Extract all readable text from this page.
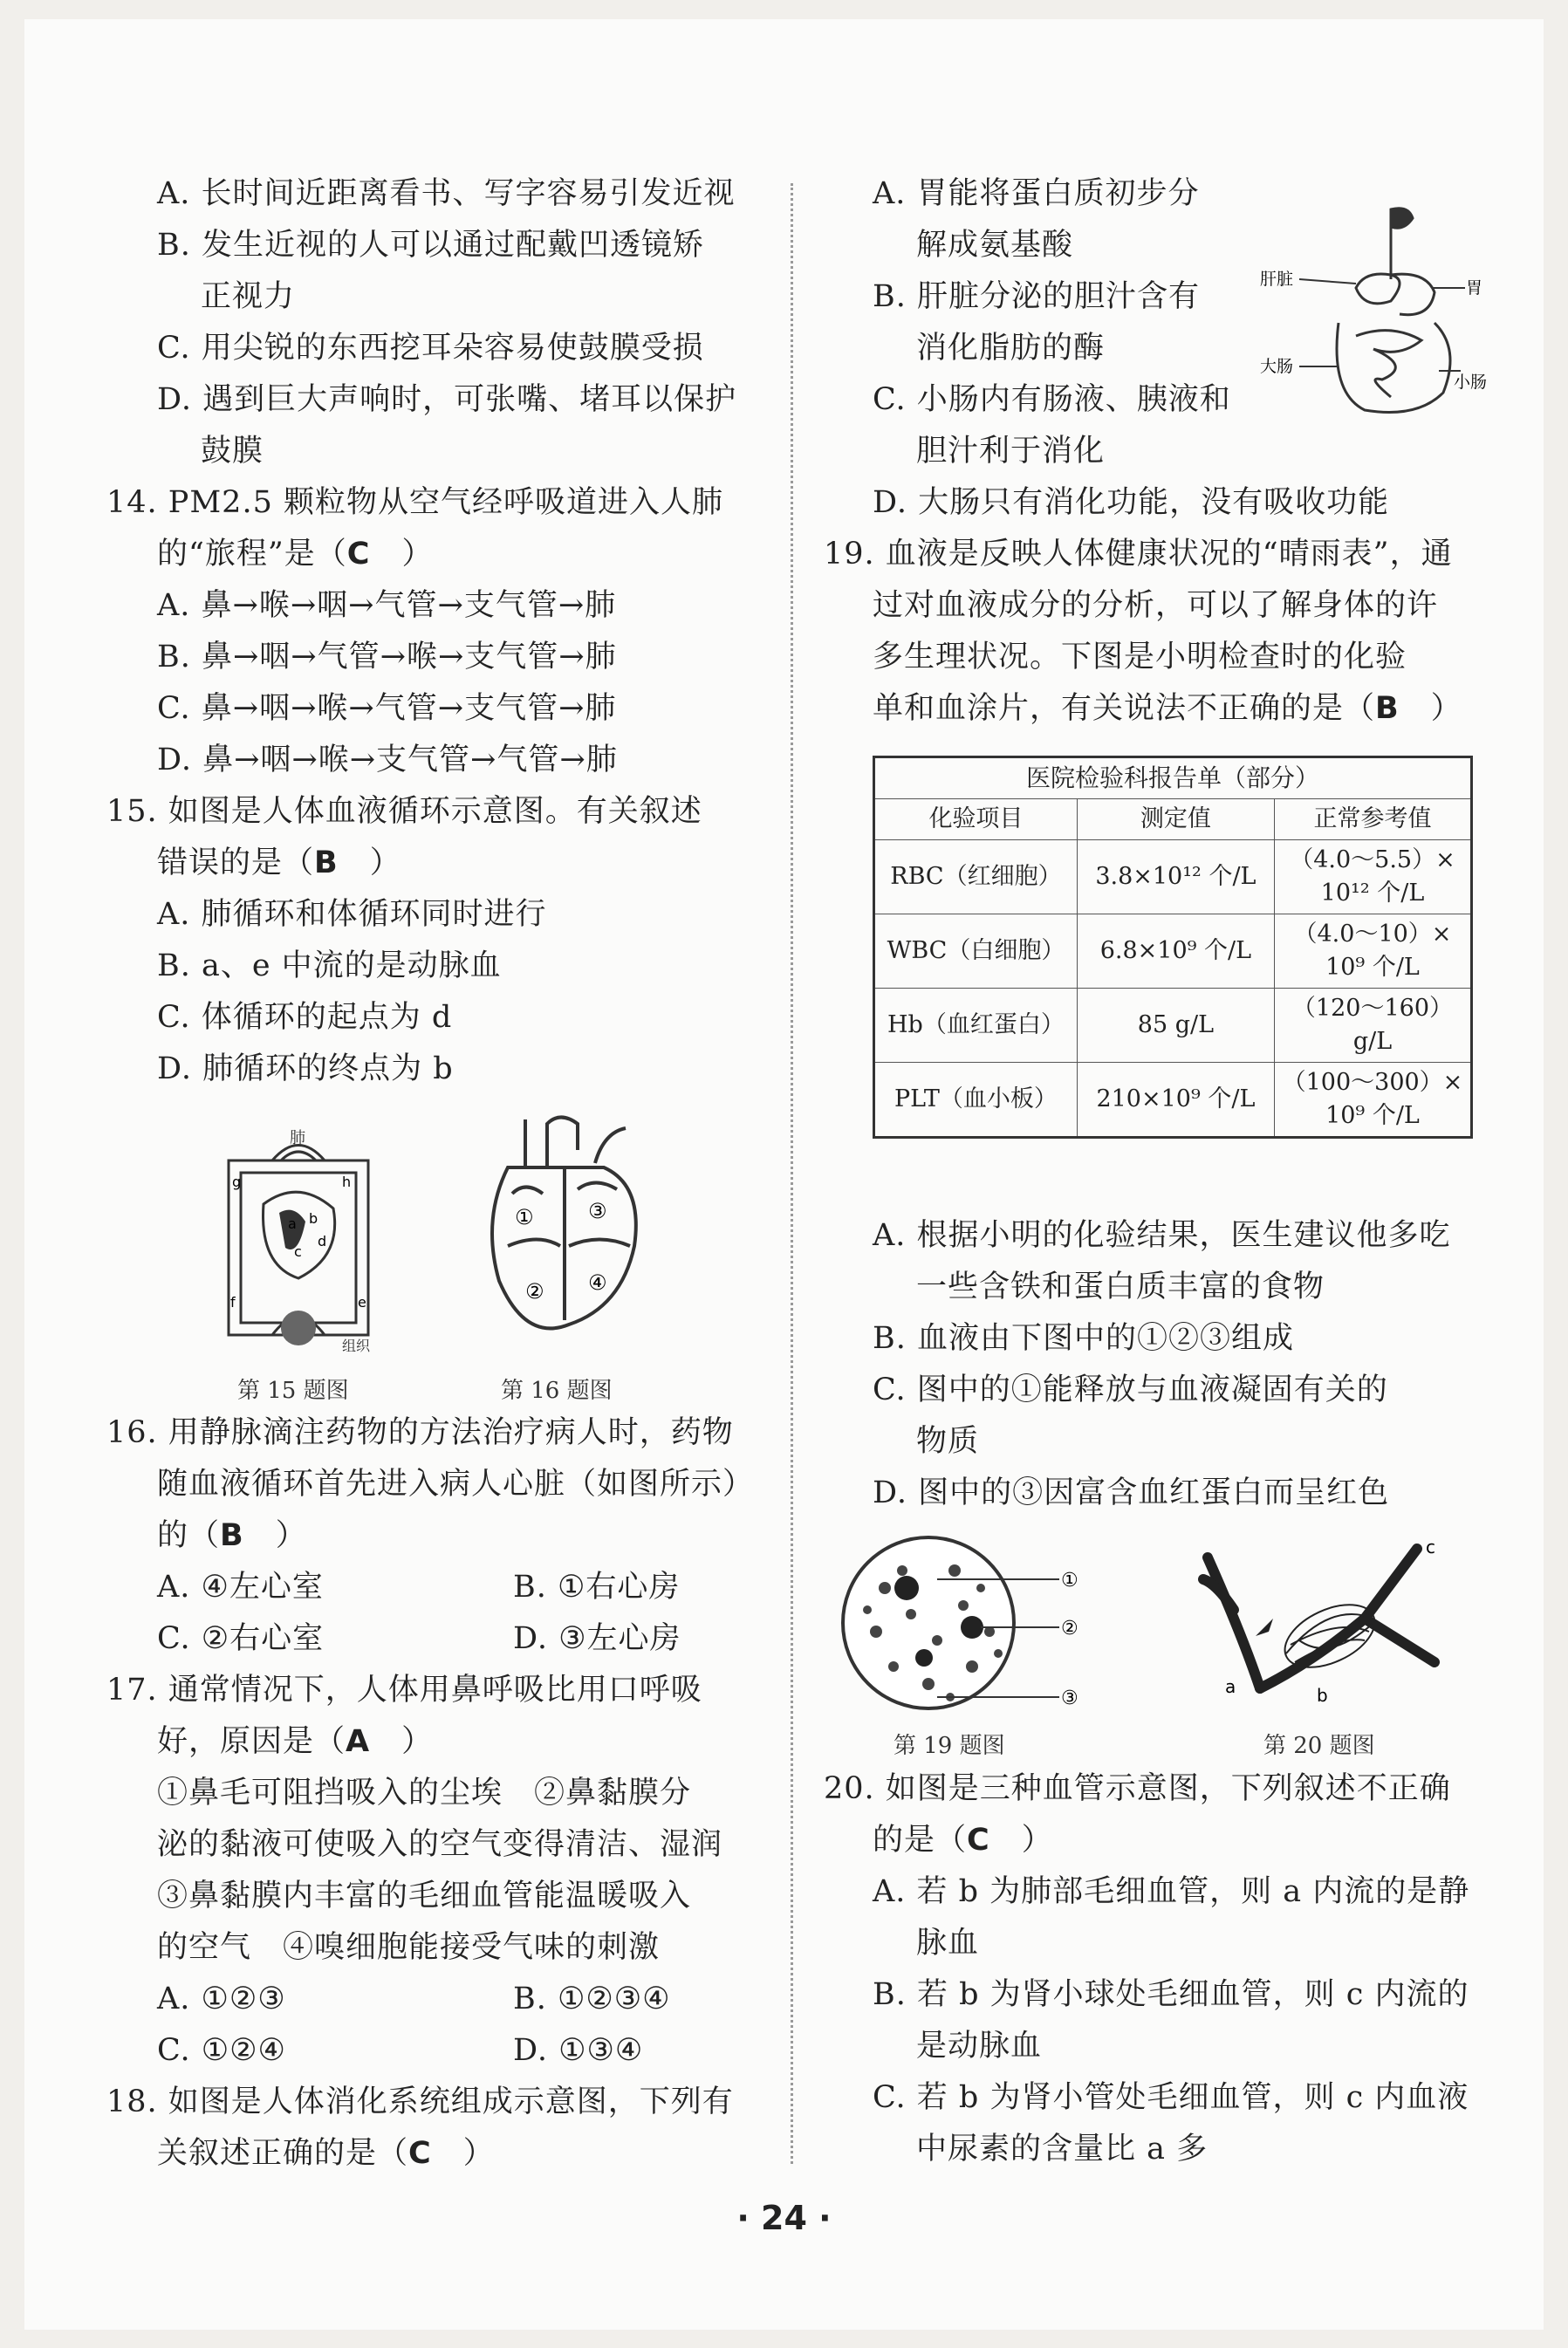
A. 长时间近距离看书、写字容易引发近视
B. 发生近视的人可以通过配戴凹透镜矫
正视力
C. 用尖锐的东西挖耳朵容易使鼓膜受损
D. 遇到巨大声响时，可张嘴、堵耳以保护
鼓膜
14. PM2.5 颗粒物从空气经呼吸道进入人肺
的“旅程”是（C　 ）
A. 鼻→喉→咽→气管→支气管→肺
B. 鼻→咽→气管→喉→支气管→肺
C. 鼻→咽→喉→气管→支气管→肺
D. 鼻→咽→喉→支气管→气管→肺
15. 如图是人体血液循环示意图。有关叙述
错误的是（B　 ）
A. 肺循环和体循环同时进行
B. a、e 中流的是动脉血
C. 体循环的起点为 d
D. 肺循环的终点为 b
肺
组织
a b
c
d
e
f
g	h
第 15 题图
①
②
③
④
第 16 题图
16. 用静脉滴注药物的方法治疗病人时，药物
随血液循环首先进入病人心脏（如图所示）
的（B　 ）
A. ④左心室	B. ①右心房
C. ②右心室	D. ③左心房
17. 通常情况下，人体用鼻呼吸比用口呼吸
好，原因是（A　 ）
①鼻毛可阻挡吸入的尘埃　②鼻黏膜分
泌的黏液可使吸入的空气变得清洁、湿润
③鼻黏膜内丰富的毛细血管能温暖吸入
的空气　④嗅细胞能接受气味的刺激
A. ①②③	B. ①②③④
C. ①②④	D. ①③④
18. 如图是人体消化系统组成示意图，下列有
关叙述正确的是（C　 ）
A. 胃能将蛋白质初步分
解成氨基酸
B. 肝脏分泌的胆汁含有
消化脂肪的酶
C. 小肠内有肠液、胰液和
胆汁利于消化
D. 大肠只有消化功能，没有吸收功能
肝脏	胃
大肠
小肠
19. 血液是反映人体健康状况的“晴雨表”，通
过对血液成分的分析，可以了解身体的许
多生理状况。下图是小明检查时的化验
单和血涂片，有关说法不正确的是（B　 ）
医院检验科报告单（部分）		
化验项目	测定值	正常参考值
RBC（红细胞）	3.8×10¹² 个/L	（4.0～5.5）×
10¹² 个/L

WBC（白细胞）	6.8×10⁹ 个/L	（4.0～10）×
10⁹ 个/L

Hb（血红蛋白）	85 g/L	（120～160）g/L
PLT（血小板）	210×10⁹ 个/L	（100～300）×
10⁹ 个/L
A. 根据小明的化验结果，医生建议他多吃
一些含铁和蛋白质丰富的食物
B. 血液由下图中的①②③组成
C. 图中的①能释放与血液凝固有关的
物质
D. 图中的③因富含血红蛋白而呈红色
①
②
③
第 19 题图
a	b
c
第 20 题图
20. 如图是三种血管示意图，下列叙述不正确
的是（C　 ）
A. 若 b 为肺部毛细血管，则 a 内流的是静
脉血
B. 若 b 为肾小球处毛细血管，则 c 内流的
是动脉血
C. 若 b 为肾小管处毛细血管，则 c 内血液
中尿素的含量比 a 多
· 24 ·
